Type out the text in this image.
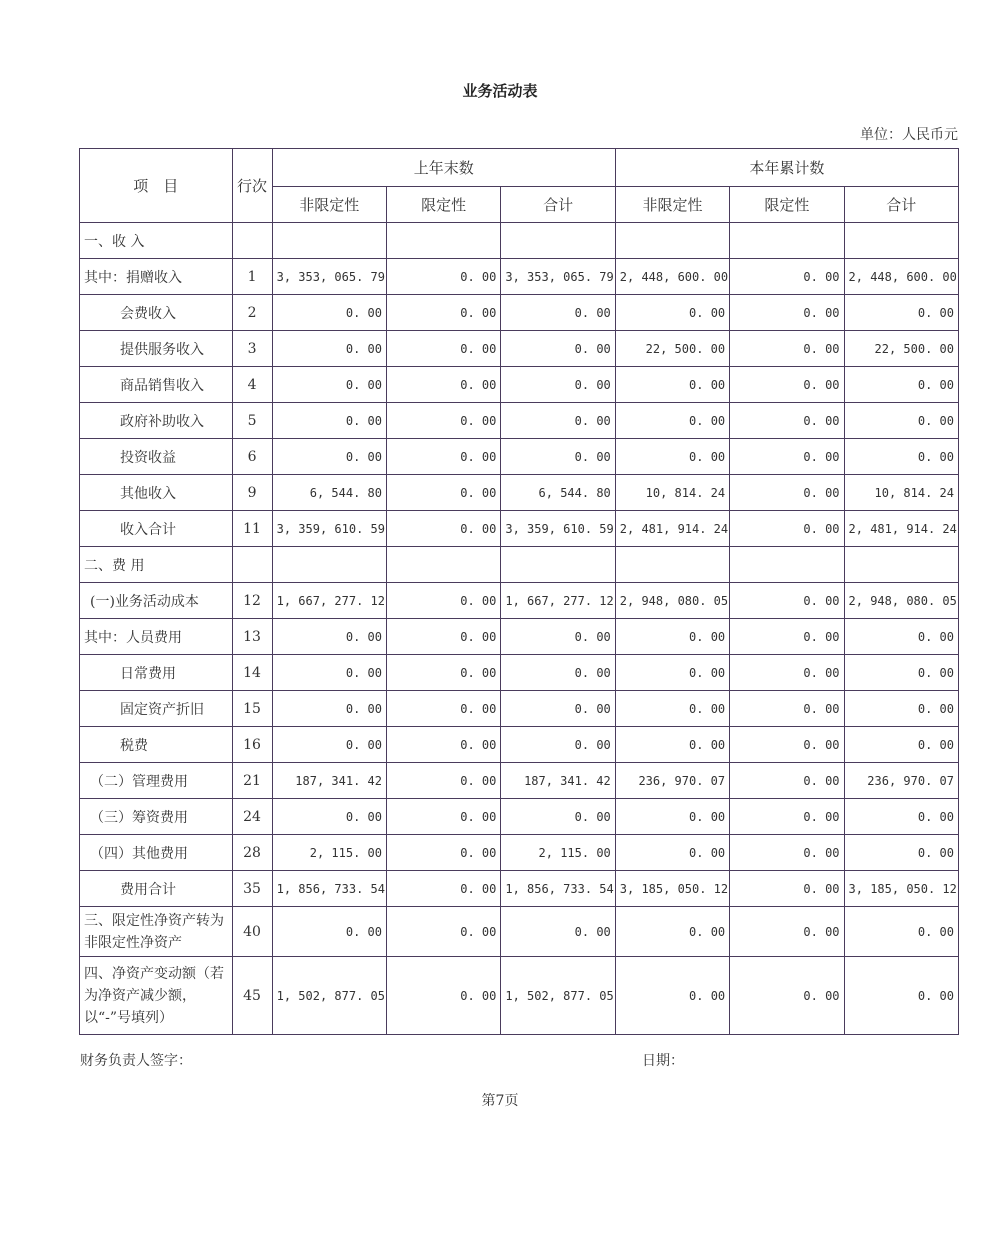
业务活动表
单位：人民币元
项　目	行次	上年末数			本年累计数		
		非限定性	限定性	合计	非限定性	限定性	合计
一、收 入							
其中：捐赠收入	1	3, 353, 065. 79	0. 00	3, 353, 065. 79	2, 448, 600. 00	0. 00	2, 448, 600. 00
会费收入	2	0. 00	0. 00	0. 00	0. 00	0. 00	0. 00
提供服务收入	3	0. 00	0. 00	0. 00	22, 500. 00	0. 00	22, 500. 00
商品销售收入	4	0. 00	0. 00	0. 00	0. 00	0. 00	0. 00
政府补助收入	5	0. 00	0. 00	0. 00	0. 00	0. 00	0. 00
投资收益	6	0. 00	0. 00	0. 00	0. 00	0. 00	0. 00
其他收入	9	6, 544. 80	0. 00	6, 544. 80	10, 814. 24	0. 00	10, 814. 24
收入合计	11	3, 359, 610. 59	0. 00	3, 359, 610. 59	2, 481, 914. 24	0. 00	2, 481, 914. 24
二、费 用							
(一)业务活动成本	12	1, 667, 277. 12	0. 00	1, 667, 277. 12	2, 948, 080. 05	0. 00	2, 948, 080. 05
其中：人员费用	13	0. 00	0. 00	0. 00	0. 00	0. 00	0. 00
日常费用	14	0. 00	0. 00	0. 00	0. 00	0. 00	0. 00
固定资产折旧	15	0. 00	0. 00	0. 00	0. 00	0. 00	0. 00
税费	16	0. 00	0. 00	0. 00	0. 00	0. 00	0. 00
（二）管理费用	21	187, 341. 42	0. 00	187, 341. 42	236, 970. 07	0. 00	236, 970. 07
（三）筹资费用	24	0. 00	0. 00	0. 00	0. 00	0. 00	0. 00
（四）其他费用	28	2, 115. 00	0. 00	2, 115. 00	0. 00	0. 00	0. 00
费用合计	35	1, 856, 733. 54	0. 00	1, 856, 733. 54	3, 185, 050. 12	0. 00	3, 185, 050. 12
三、限定性净资产转为非限定性净资产	40	0. 00	0. 00	0. 00	0. 00	0. 00	0. 00
四、净资产变动额（若为净资产减少额，以“-”号填列）	45	1, 502, 877. 05	0. 00	1, 502, 877. 05	0. 00	0. 00	0. 00
财务负责人签字：	日期：
第7页
